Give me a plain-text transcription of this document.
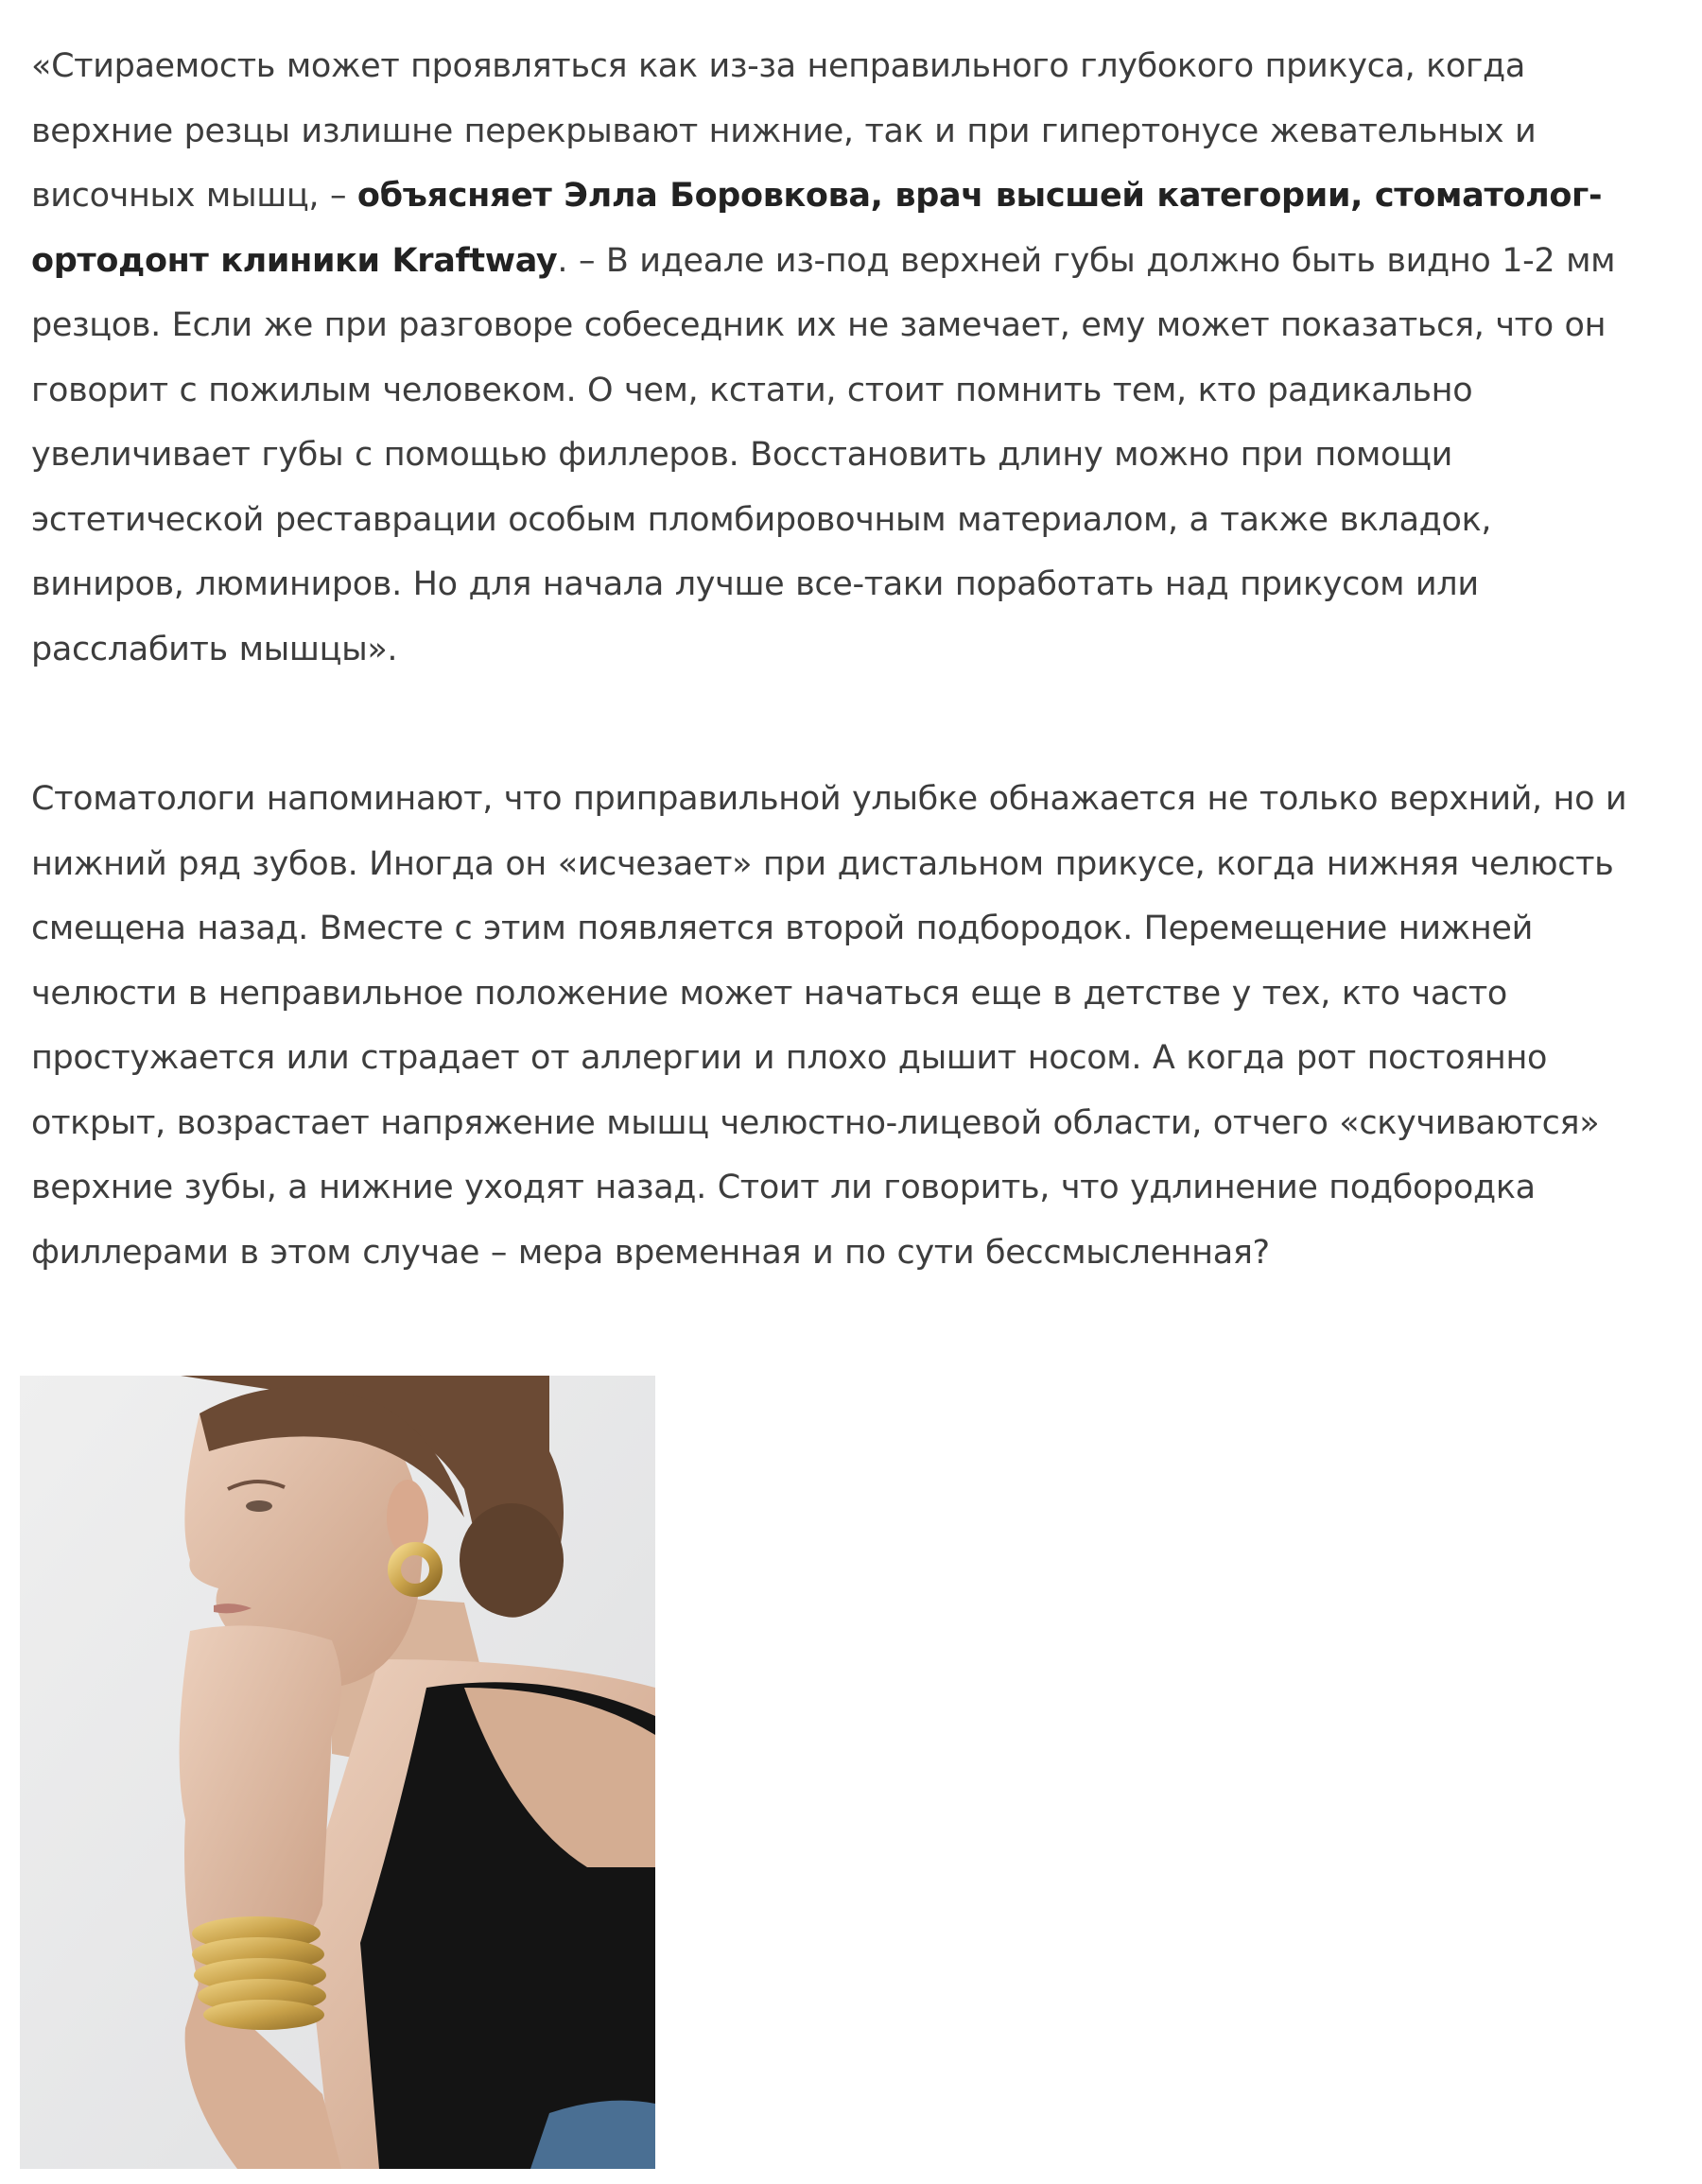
«Стираемость может проявляться как из-за неправильного глубокого прикуса, когда верхние резцы излишне перекрывают нижние, так и при гипертонусе жевательных и височных мышц, – объясняет Элла Боровкова, врач высшей категории, стоматолог-ортодонт клиники Kraftway. – В идеале из-под верхней губы должно быть видно 1-2 мм резцов. Если же при разговоре собеседник их не замечает, ему может показаться, что он говорит с пожилым человеком. О чем, кстати, стоит помнить тем, кто радикально увеличивает губы с помощью филлеров. Восстановить длину можно при помощи эстетической реставрации особым пломбировочным материалом, а также вкладок, виниров, люминиров. Но для начала лучше все-таки поработать над прикусом или расслабить мышцы».

Стоматологи напоминают, что приправильной улыбке обнажается не только верхний, но и нижний ряд зубов. Иногда он «исчезает» при дистальном прикусе, когда нижняя челюсть смещена назад. Вместе с этим появляется второй подбородок. Перемещение нижней челюсти в неправильное положение может начаться еще в детстве у тех, кто часто простужается или страдает от аллергии и плохо дышит носом. А когда рот постоянно открыт, возрастает напряжение мышц челюстно-лицевой области, отчего «скучиваются» верхние зубы, а нижние уходят назад. Стоит ли говорить, что удлинение подбородка филлерами в этом случае – мера временная и по сути бессмысленная?
